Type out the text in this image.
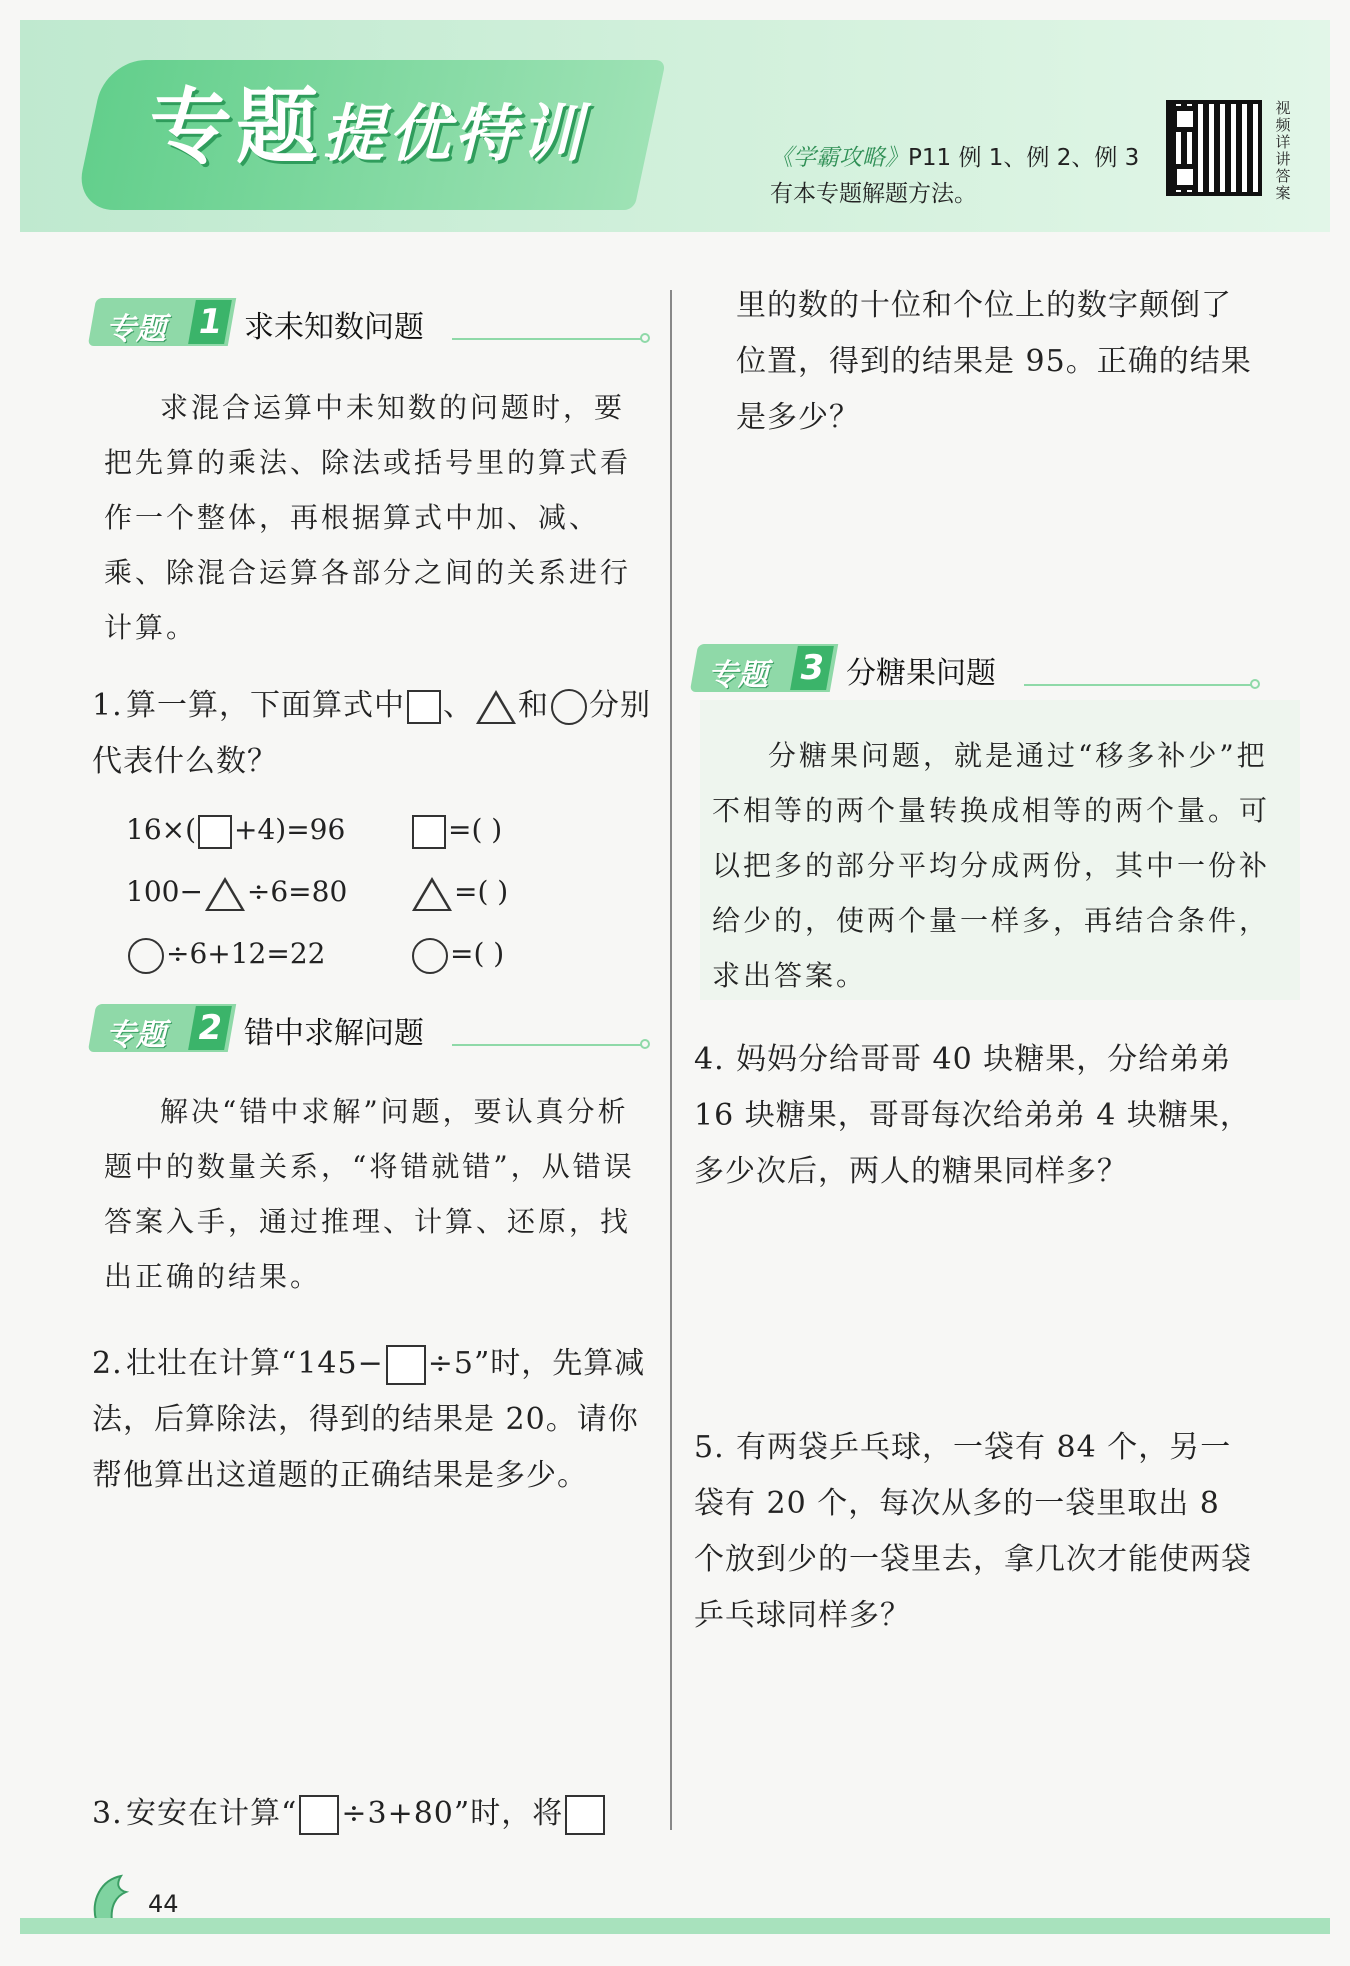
专题提优特训	《学霸攻略》P11 例 1、例 2、例 3
有本专题解题方法。
视频详讲答案
专题 1 求未知数问题
求混合运算中未知数的问题时，要把先算的乘法、除法或括号里的算式看作一个整体，再根据算式中加、减、乘、除混合运算各部分之间的关系进行计算。
1. 算一算，下面算式中 、 和 分别代表什么数？
16×( +4)=96	=( )
100− ÷6=80	=( )
÷6+12=22	=( )
专题 2 错中求解问题
解决“错中求解”问题，要认真分析题中的数量关系，“将错就错”，从错误答案入手，通过推理、计算、还原，找出正确的结果。
2. 壮壮在计算“145− ÷5”时，先算减法，后算除法，得到的结果是 20。请你帮他算出这道题的正确结果是多少。
3. 安安在计算“ ÷3+80”时，将
里的数的十位和个位上的数字颠倒了位置，得到的结果是 95。正确的结果是多少？
专题 3 分糖果问题
分糖果问题，就是通过“移多补少”把不相等的两个量转换成相等的两个量。可以把多的部分平均分成两份，其中一份补给少的，使两个量一样多，再结合条件，求出答案。
4. 妈妈分给哥哥 40 块糖果，分给弟弟 16 块糖果，哥哥每次给弟弟 4 块糖果，多少次后，两人的糖果同样多？
5. 有两袋乒乓球，一袋有 84 个，另一袋有 20 个，每次从多的一袋里取出 8 个放到少的一袋里去，拿几次才能使两袋乒乓球同样多？
44
